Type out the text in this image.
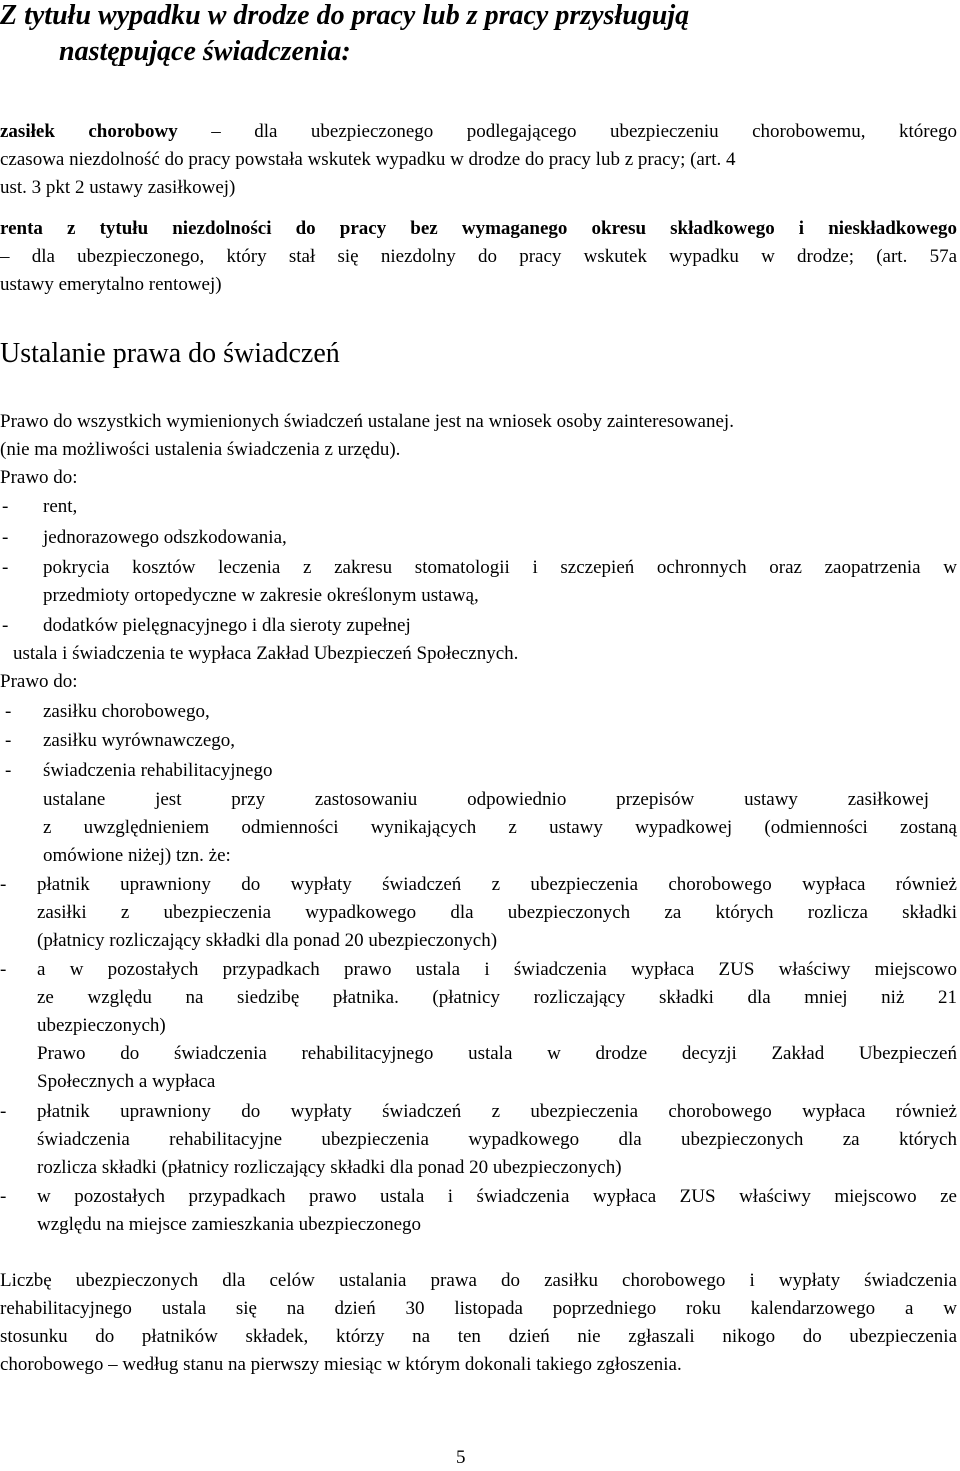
Z tytułu wypadku w drodze do pracy lub z pracy przysługują
następujące świadczenia:
zasiłek chorobowy – dla ubezpieczonego podlegającego ubezpieczeniu chorobowemu, którego
czasowa niezdolność do pracy powstała wskutek wypadku w drodze do pracy lub z pracy; (art. 4
ust. 3 pkt 2 ustawy zasiłkowej)
renta z tytułu niezdolności do pracy bez wymaganego okresu składkowego i nieskładkowego
– dla ubezpieczonego, który stał się niezdolny do pracy wskutek wypadku w drodze; (art. 57a
ustawy emerytalno rentowej)
Ustalanie prawa do świadczeń
Prawo do wszystkich wymienionych świadczeń ustalane jest na wniosek osoby zainteresowanej.
(nie ma możliwości ustalenia świadczenia z urzędu).
Prawo do:
- rent,
- jednorazowego odszkodowania,
- pokrycia kosztów leczenia z zakresu stomatologii i szczepień ochronnych oraz zaopatrzenia w
przedmioty ortopedyczne w zakresie określonym ustawą,
- dodatków pielęgnacyjnego i dla sieroty zupełnej
ustala i świadczenia te wypłaca Zakład Ubezpieczeń Społecznych.
Prawo do:
- zasiłku chorobowego,
- zasiłku wyrównawczego,
- świadczenia rehabilitacyjnego
ustalane jest przy zastosowaniu odpowiednio przepisów ustawy zasiłkowej
z uwzględnieniem odmienności wynikających z ustawy wypadkowej (odmienności zostaną
omówione niżej) tzn. że:
- płatnik uprawniony do wypłaty świadczeń z ubezpieczenia chorobowego wypłaca również
zasiłki z ubezpieczenia wypadkowego dla ubezpieczonych za których rozlicza składki
(płatnicy rozliczający składki dla ponad 20 ubezpieczonych)
- a w pozostałych przypadkach prawo ustala i świadczenia wypłaca ZUS właściwy miejscowo
ze względu na siedzibę płatnika. (płatnicy rozliczający składki dla mniej niż 21
ubezpieczonych)
Prawo do świadczenia rehabilitacyjnego ustala w drodze decyzji Zakład Ubezpieczeń
Społecznych a wypłaca
- płatnik uprawniony do wypłaty świadczeń z ubezpieczenia chorobowego wypłaca również
świadczenia rehabilitacyjne ubezpieczenia wypadkowego dla ubezpieczonych za których
rozlicza składki (płatnicy rozliczający składki dla ponad 20 ubezpieczonych)
- w pozostałych przypadkach prawo ustala i świadczenia wypłaca ZUS właściwy miejscowo ze
względu na miejsce zamieszkania ubezpieczonego
Liczbę ubezpieczonych dla celów ustalania prawa do zasiłku chorobowego i wypłaty świadczenia
rehabilitacyjnego ustala się na dzień 30 listopada poprzedniego roku kalendarzowego a w
stosunku do płatników składek, którzy na ten dzień nie zgłaszali nikogo do ubezpieczenia
chorobowego – według stanu na pierwszy miesiąc w którym dokonali takiego zgłoszenia.
5
